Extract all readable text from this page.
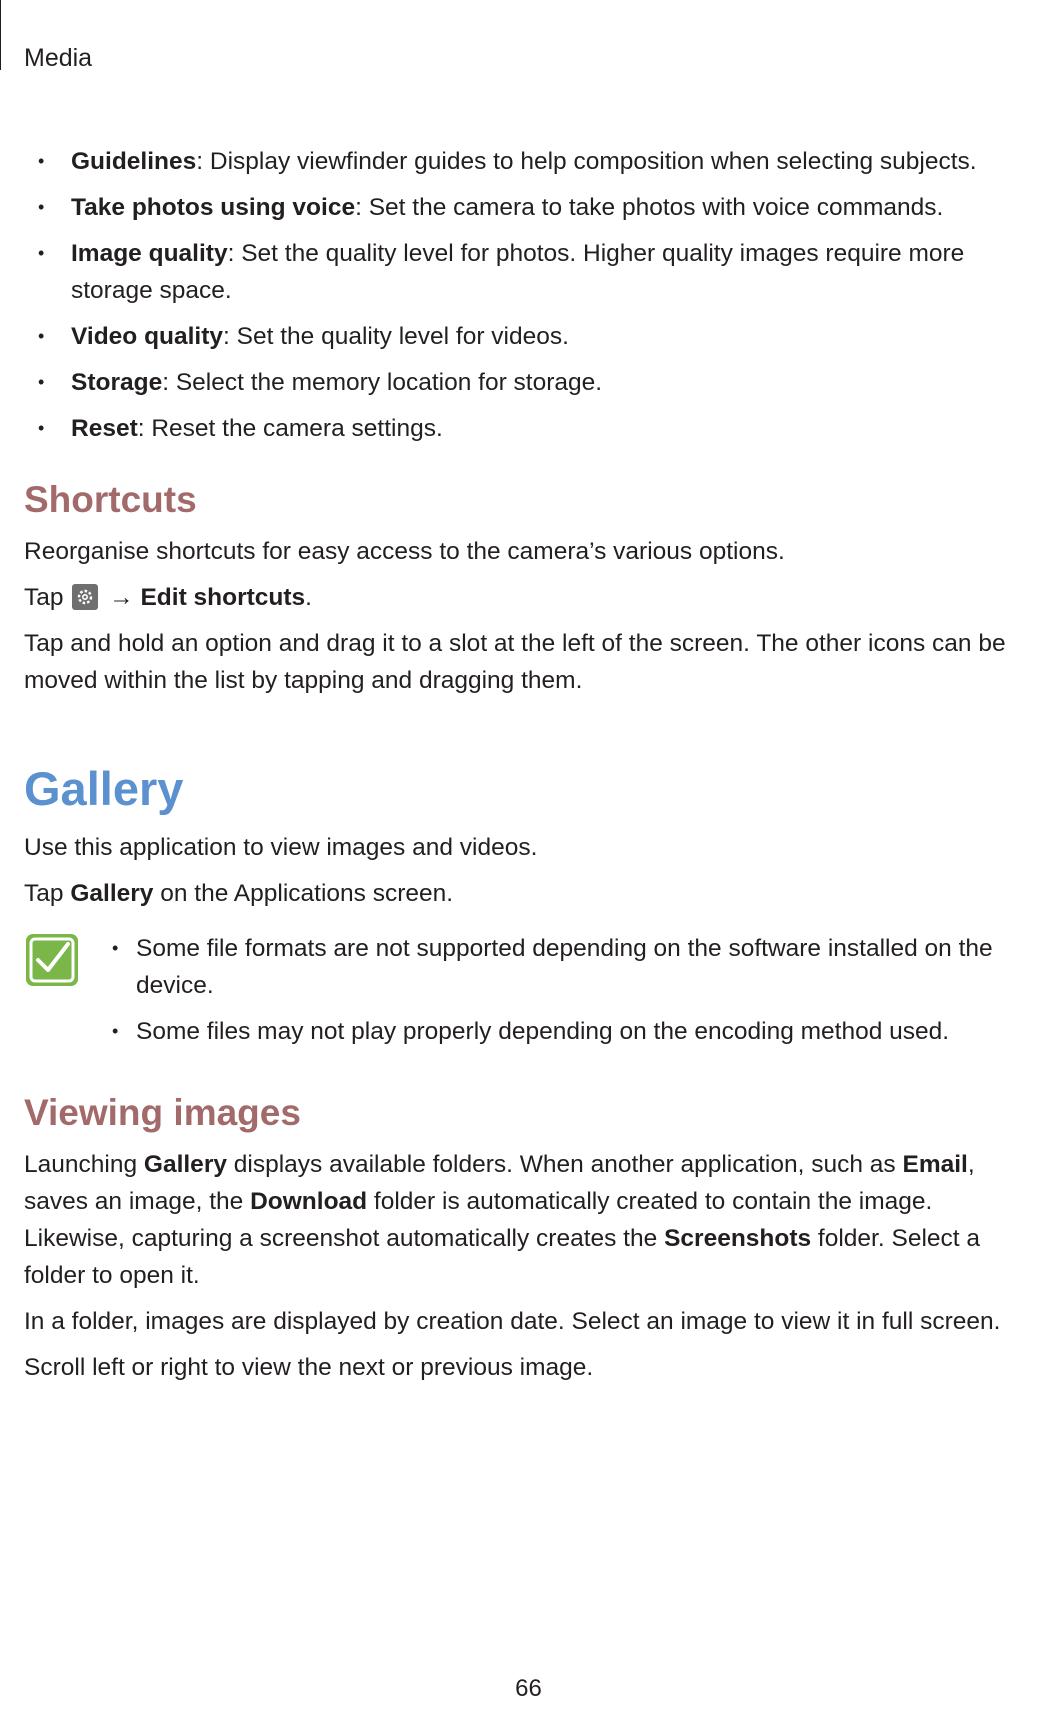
Media
• Guidelines: Display viewfinder guides to help composition when selecting subjects.
• Take photos using voice: Set the camera to take photos with voice commands.
• Image quality: Set the quality level for photos. Higher quality images require more storage space.
• Video quality: Set the quality level for videos.
• Storage: Select the memory location for storage.
• Reset: Reset the camera settings.
Shortcuts

Reorganise shortcuts for easy access to the camera’s various options.

Tap → Edit shortcuts.

Tap and hold an option and drag it to a slot at the left of the screen. The other icons can be moved within the list by tapping and dragging them.

Gallery

Use this application to view images and videos.

Tap Gallery on the Applications screen.

• Some file formats are not supported depending on the software installed on the device.
• Some files may not play properly depending on the encoding method used.
Viewing images

Launching Gallery displays available folders. When another application, such as Email, saves an image, the Download folder is automatically created to contain the image. Likewise, capturing a screenshot automatically creates the Screenshots folder. Select a folder to open it.

In a folder, images are displayed by creation date. Select an image to view it in full screen.

Scroll left or right to view the next or previous image.

66
